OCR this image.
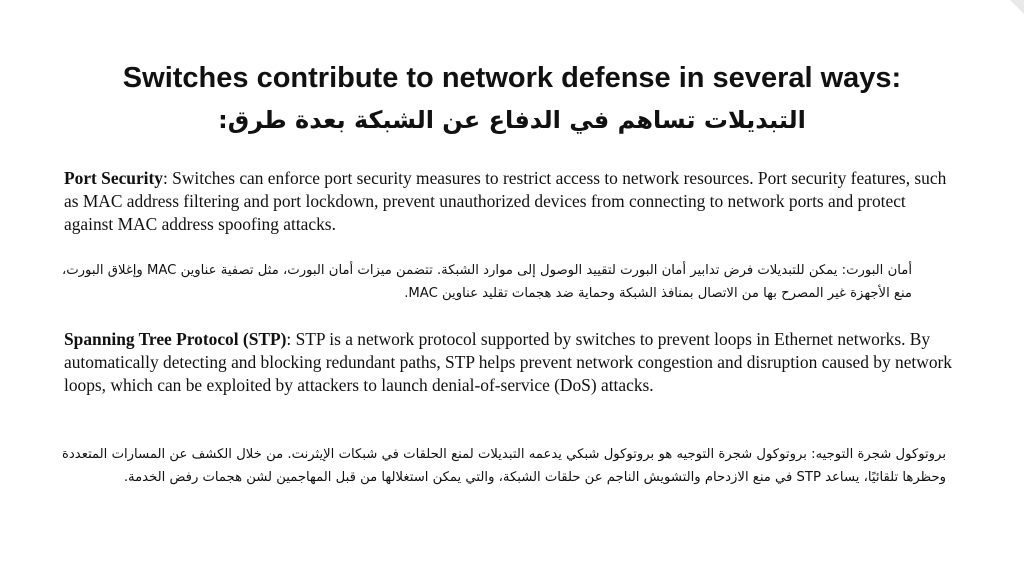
Switches contribute to network defense in several ways:
التبديلات تساهم في الدفاع عن الشبكة بعدة طرق:

Port Security: Switches can enforce port security measures to restrict access to network resources. Port security features, such as MAC address filtering and port lockdown, prevent unauthorized devices from connecting to network ports and protect against MAC address spoofing attacks.

أمان البورت: يمكن للتبديلات فرض تدابير أمان البورت لتقييد الوصول إلى موارد الشبكة. تتضمن ميزات أمان البورت، مثل تصفية عناوين MAC وإغلاق البورت، منع الأجهزة غير المصرح بها من الاتصال بمنافذ الشبكة وحماية ضد هجمات تقليد عناوين MAC.

Spanning Tree Protocol (STP): STP is a network protocol supported by switches to prevent loops in Ethernet networks. By automatically detecting and blocking redundant paths, STP helps prevent network congestion and disruption caused by network loops, which can be exploited by attackers to launch denial-of-service (DoS) attacks.

بروتوكول شجرة التوجيه: بروتوكول شجرة التوجيه هو بروتوكول شبكي يدعمه التبديلات لمنع الحلقات في شبكات الإيثرنت. من خلال الكشف عن المسارات المتعددة وحظرها تلقائيًا، يساعد STP في منع الازدحام والتشويش الناجم عن حلقات الشبكة، والتي يمكن استغلالها من قبل المهاجمين لشن هجمات رفض الخدمة.
